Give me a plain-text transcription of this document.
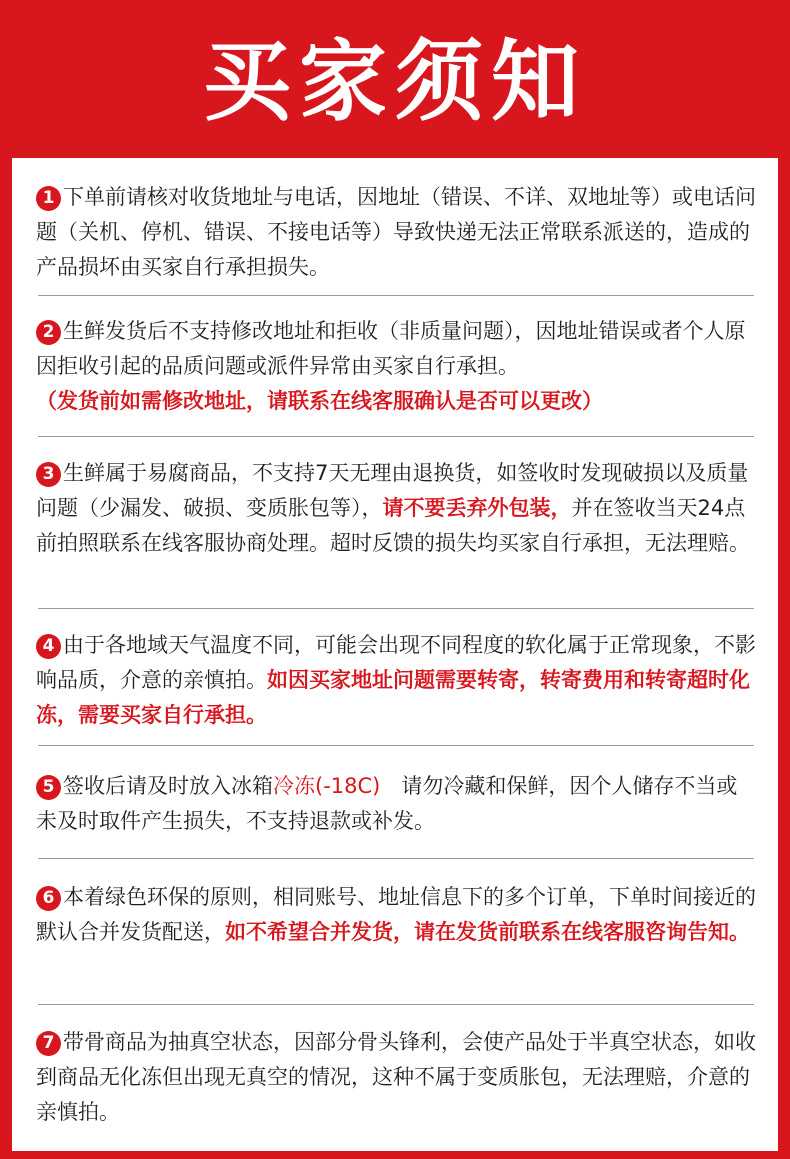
买家须知
1 下单前请核对收货地址与电话，因地址（错误、不详、双地址等）或电话问题（关机、停机、错误、不接电话等）导致快递无法正常联系派送的，造成的产品损坏由买家自行承担损失。
2 生鲜发货后不支持修改地址和拒收（非质量问题），因地址错误或者个人原因拒收引起的品质问题或派件异常由买家自行承担。
（发货前如需修改地址，请联系在线客服确认是否可以更改）
3 生鲜属于易腐商品，不支持7天无理由退换货，如签收时发现破损以及质量问题（少漏发、破损、变质胀包等），请不要丢弃外包装，并在签收当天24点前拍照联系在线客服协商处理。超时反馈的损失均买家自行承担，无法理赔。
4 由于各地域天气温度不同，可能会出现不同程度的软化属于正常现象，不影响品质，介意的亲慎拍。如因买家地址问题需要转寄，转寄费用和转寄超时化冻，需要买家自行承担。
5 签收后请及时放入冰箱冷冻(-18C)　请勿冷藏和保鲜，因个人储存不当或未及时取件产生损失，不支持退款或补发。
6 本着绿色环保的原则，相同账号、地址信息下的多个订单，下单时间接近的默认合并发货配送，如不希望合并发货，请在发货前联系在线客服咨询告知。
7 带骨商品为抽真空状态，因部分骨头锋利，会使产品处于半真空状态，如收到商品无化冻但出现无真空的情况，这种不属于变质胀包，无法理赔，介意的亲慎拍。
